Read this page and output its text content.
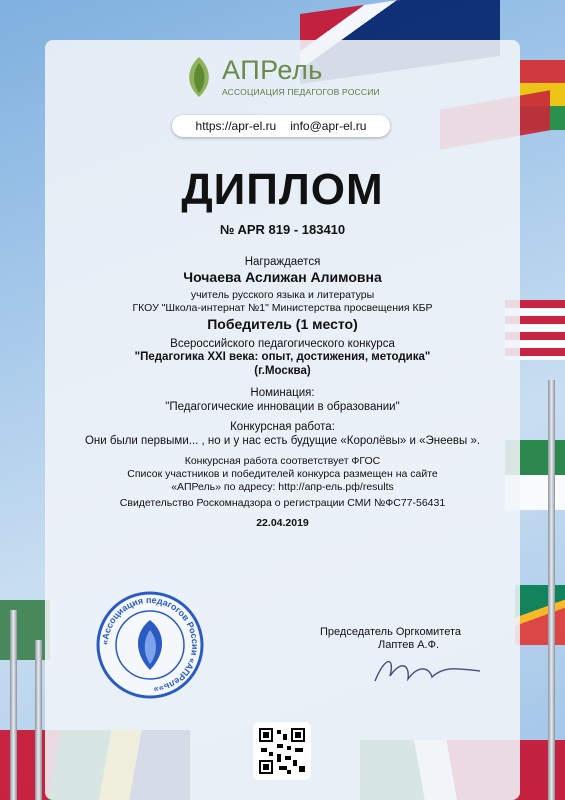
АПРель
АССОЦИАЦИЯ ПЕДАГОГОВ РОССИИ
https://apr-el.ru info@apr-el.ru
ДИПЛОМ
№ APR 819 - 183410
Награждается
Чочаева Аслижан Алимовна
учитель русского языка и литературы
ГКОУ "Школа-интернат №1" Министерства просвещения КБР
Победитель (1 место)
Всероссийского педагогического конкурса
"Педагогика XXI века: опыт, достижения, методика"
(г.Москва)
Номинация:
"Педагогические инновации в образовании"
Конкурсная работа:
Они были первыми... , но и у нас есть будущие «Королёвы» и «Энеевы ».
Конкурсная работа соответствует ФГОС
Список участников и победителей конкурса размещен на сайте
«АПРель» по адресу: http://апр-ель.рф/results
Свидетельство Роскомнадзора о регистрации СМИ №ФС77-56431
22.04.2019
«Ассоциация педагогов России «АПРель»»
Председатель Оргкомитета
Лаптев А.Ф.
